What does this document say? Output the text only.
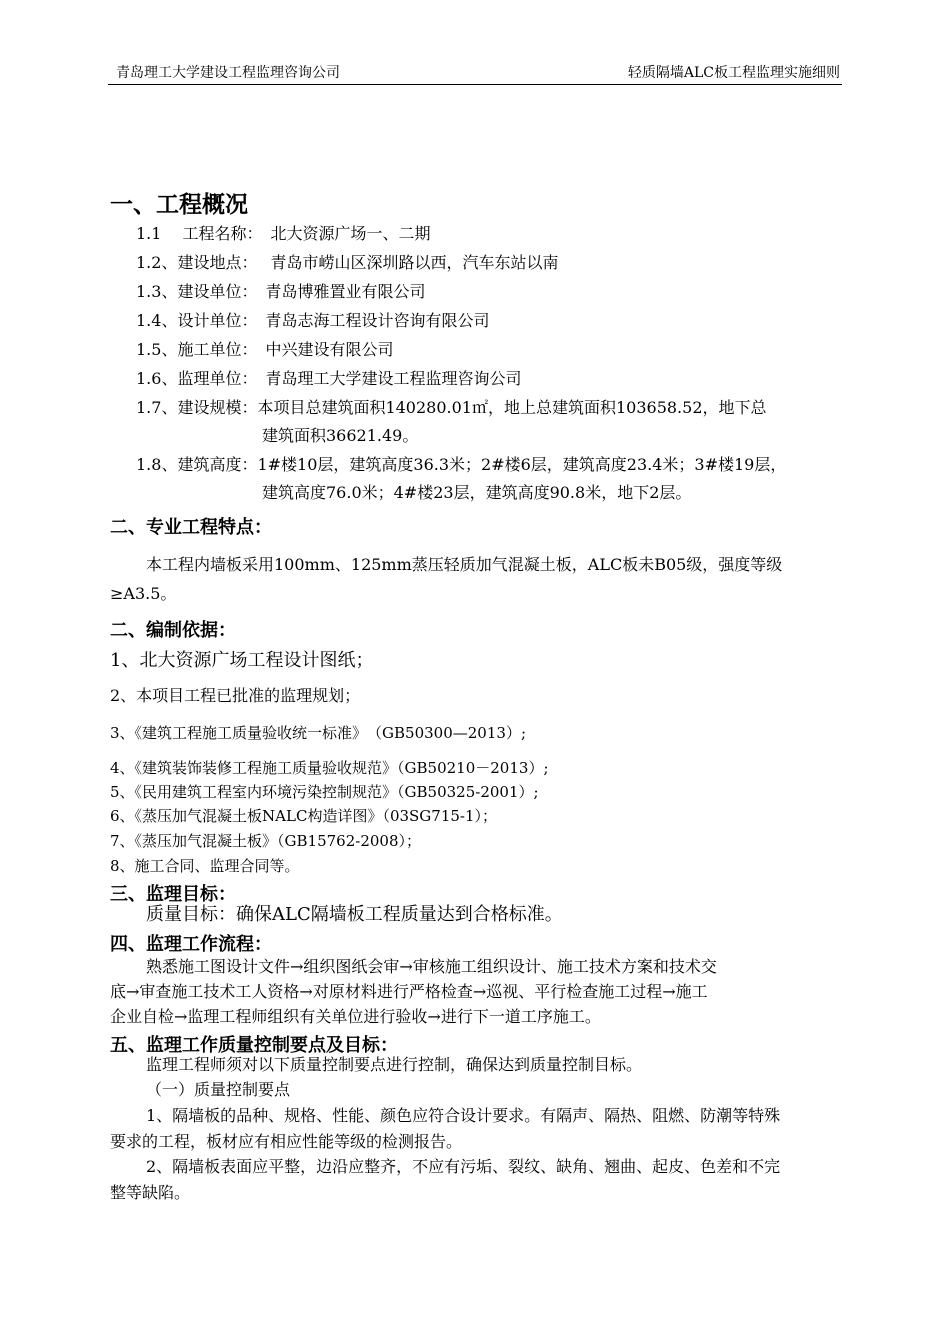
青岛理工大学建设工程监理咨询公司	轻质隔墙ALC板工程监理实施细则
一、工程概况
1.1　 工程名称：　北大资源广场一、二期
1.2、建设地点：　 青岛市崂山区深圳路以西，汽车东站以南
1.3、建设单位：　青岛博雅置业有限公司
1.4、设计单位：　青岛志海工程设计咨询有限公司
1.5、施工单位：　中兴建设有限公司
1.6、监理单位：　青岛理工大学建设工程监理咨询公司
1.7、建设规模：本项目总建筑面积140280.01㎡，地上总建筑面积103658.52，地下总
建筑面积36621.49。
1.8、建筑高度：1#楼10层，建筑高度36.3米；2#楼6层，建筑高度23.4米；3#楼19层，
建筑高度76.0米；4#楼23层，建筑高度90.8米，地下2层。
二、专业工程特点：
本工程内墙板采用100mm、125mm蒸压轻质加气混凝土板，ALC板未B05级，强度等级
≥A3.5。
二、编制依据：
1、北大资源广场工程设计图纸；
2、本项目工程已批准的监理规划；
3、《建筑工程施工质量验收统一标准》　（GB50300—2013）;
4、《建筑装饰装修工程施工质量验收规范》（GB50210－2013）;
5、《民用建筑工程室内环境污染控制规范》（GB50325-2001）;
6、《蒸压加气混凝土板NALC构造详图》（03SG715-1）；
7、《蒸压加气混凝土板》（GB15762-2008）；
8、施工合同、监理合同等。
三、监理目标：
质量目标：确保ALC隔墙板工程质量达到合格标准。
四、监理工作流程：
熟悉施工图设计文件→组织图纸会审→审核施工组织设计、施工技术方案和技术交
底→审查施工技术工人资格→对原材料进行严格检查→巡视、平行检查施工过程→施工
企业自检→监理工程师组织有关单位进行验收→进行下一道工序施工。
五、监理工作质量控制要点及目标：
监理工程师须对以下质量控制要点进行控制，确保达到质量控制目标。
（一）质量控制要点
1、隔墙板的品种、规格、性能、颜色应符合设计要求。有隔声、隔热、阻燃、防潮等特殊
要求的工程，板材应有相应性能等级的检测报告。
2、隔墙板表面应平整，边沿应整齐，不应有污垢、裂纹、缺角、翘曲、起皮、色差和不完
整等缺陷。
